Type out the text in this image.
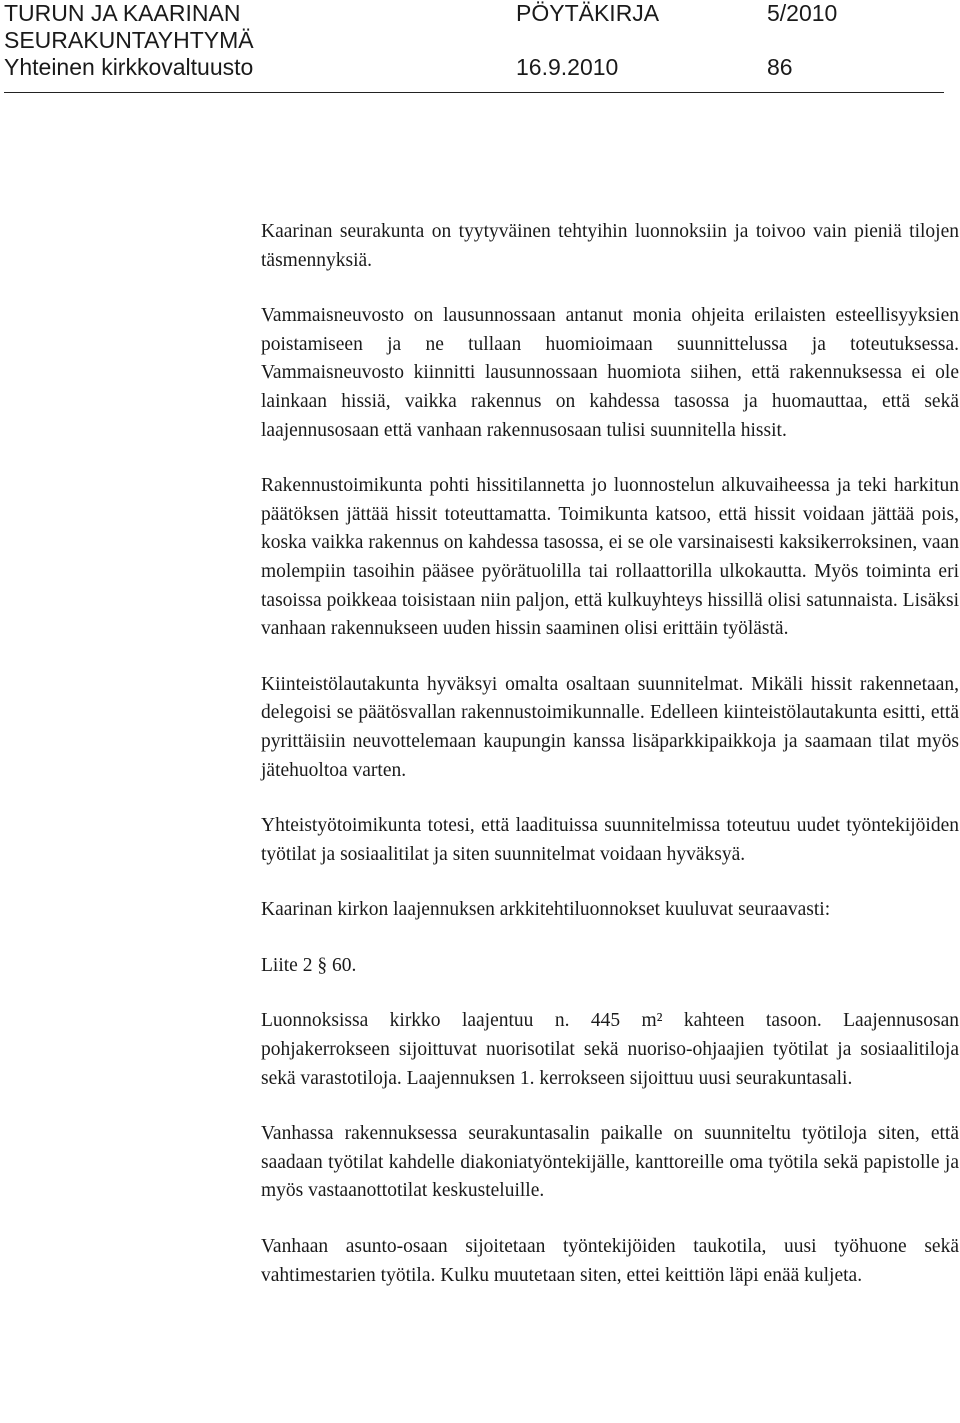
TURUN JA KAARINAN	PÖYTÄKIRJA	5/2010
SEURAKUNTAYHTYMÄ
Yhteinen kirkkovaltuusto	16.9.2010	86

Kaarinan seurakunta on tyytyväinen tehtyihin luonnoksiin ja toivoo vain pieniä tilojen täsmennyksiä.

Vammaisneuvosto on lausunnossaan antanut monia ohjeita erilaisten esteellisyyksien poistamiseen ja ne tullaan huomioimaan suunnittelussa ja toteutuksessa. Vammaisneuvosto kiinnitti lausunnossaan huomiota siihen, että rakennuksessa ei ole lainkaan hissiä, vaikka rakennus on kahdessa tasossa ja huomauttaa, että sekä laajennusosaan että vanhaan rakennusosaan tulisi suunnitella hissit.

Rakennustoimikunta pohti hissitilannetta jo luonnostelun alkuvaiheessa ja teki harkitun päätöksen jättää hissit toteuttamatta. Toimikunta katsoo, että hissit voidaan jättää pois, koska vaikka rakennus on kahdessa tasossa, ei se ole varsinaisesti kaksikerroksinen, vaan molempiin tasoihin pääsee pyörätuolilla tai rollaattorilla ulkokautta. Myös toiminta eri tasoissa poikkeaa toisistaan niin paljon, että kulkuyhteys hissillä olisi satunnaista. Lisäksi vanhaan rakennukseen uuden hissin saaminen olisi erittäin työlästä.

Kiinteistölautakunta hyväksyi omalta osaltaan suunnitelmat. Mikäli hissit rakennetaan, delegoisi se päätösvallan rakennustoimikunnalle. Edelleen kiinteistölautakunta esitti, että pyrittäisiin neuvottelemaan kaupungin kanssa lisäparkkipaikkoja ja saamaan tilat myös jätehuoltoa varten.

Yhteistyötoimikunta totesi, että laadituissa suunnitelmissa toteutuu uudet työntekijöiden työtilat ja sosiaalitilat ja siten suunnitelmat voidaan hyväksyä.

Kaarinan kirkon laajennuksen arkkitehtiluonnokset kuuluvat seuraavasti:

Liite 2 § 60.

Luonnoksissa kirkko laajentuu n. 445 m² kahteen tasoon. Laajennusosan pohjakerrokseen sijoittuvat nuorisotilat sekä nuoriso-ohjaajien työtilat ja sosiaalitiloja sekä varastotiloja. Laajennuksen 1. kerrokseen sijoittuu uusi seurakuntasali.

Vanhassa rakennuksessa seurakuntasalin paikalle on suunniteltu työtiloja siten, että saadaan työtilat kahdelle diakoniatyöntekijälle, kanttoreille oma työtila sekä papistolle ja myös vastaanottotilat keskusteluille.

Vanhaan asunto-osaan sijoitetaan työntekijöiden taukotila, uusi työhuone sekä vahtimestarien työtila. Kulku muutetaan siten, ettei keittiön läpi enää kuljeta.
